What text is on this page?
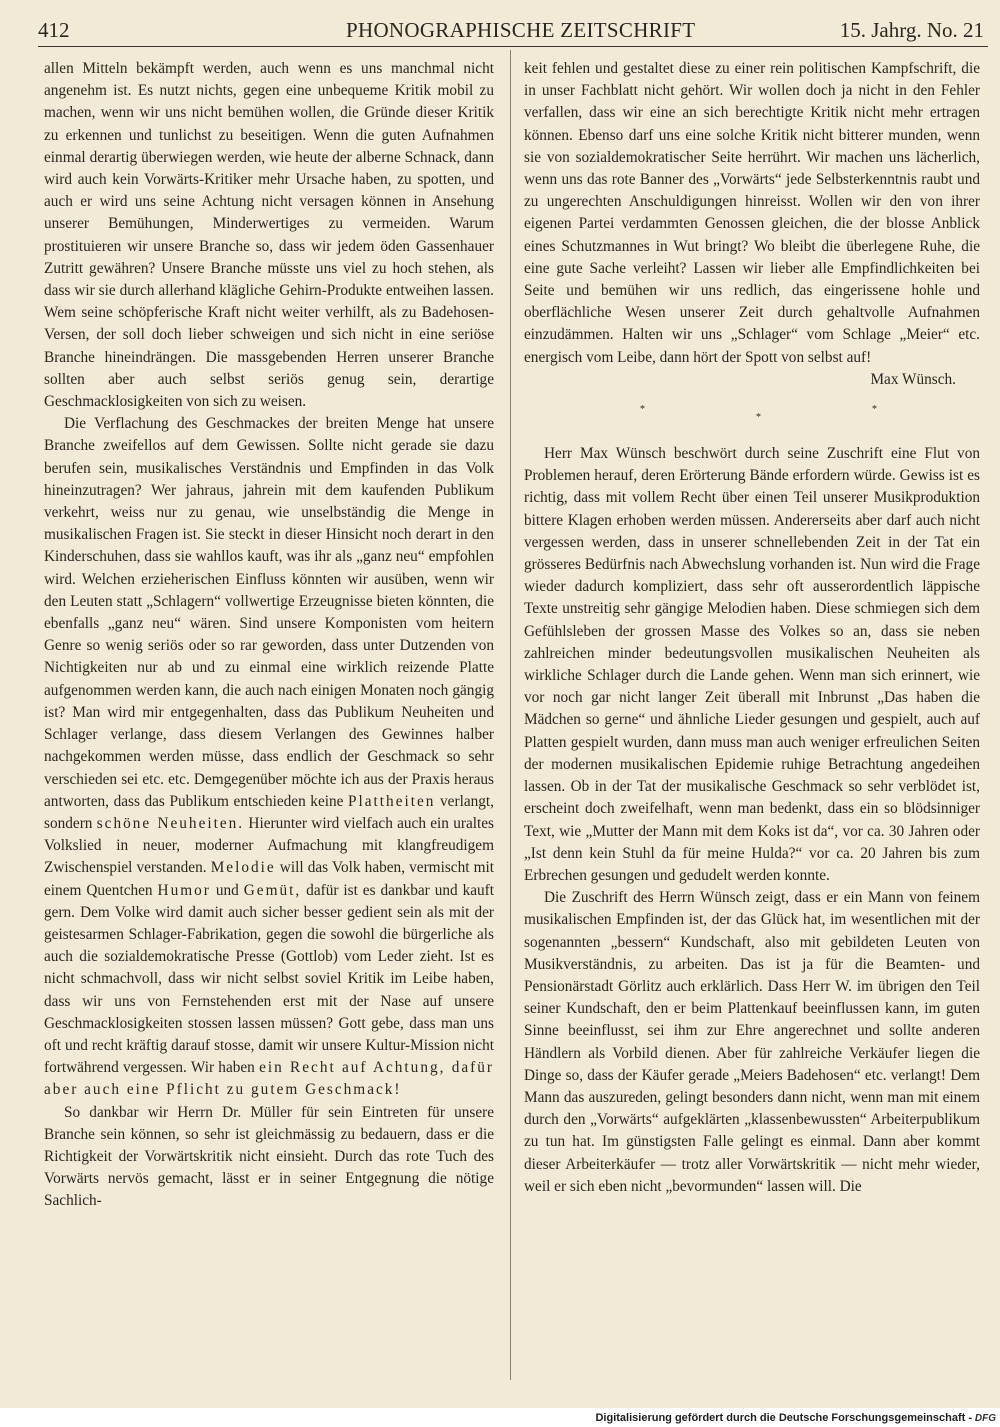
412	PHONOGRAPHISCHE ZEITSCHRIFT	15. Jahrg. No. 21

allen Mitteln bekämpft werden, auch wenn es uns manchmal nicht angenehm ist. Es nutzt nichts, gegen eine unbequeme Kritik mobil zu machen, wenn wir uns nicht bemühen wollen, die Gründe dieser Kritik zu erkennen und tunlichst zu beseitigen. Wenn die guten Aufnahmen einmal derartig überwiegen werden, wie heute der alberne Schnack, dann wird auch kein Vorwärts-Kritiker mehr Ursache haben, zu spotten, und auch er wird uns seine Achtung nicht versagen können in Ansehung unserer Bemühungen, Minderwertiges zu vermeiden. Warum prostituieren wir unsere Branche so, dass wir jedem öden Gassenhauer Zutritt gewähren? Unsere Branche müsste uns viel zu hoch stehen, als dass wir sie durch allerhand klägliche Gehirn-Produkte entweihen lassen. Wem seine schöpferische Kraft nicht weiter verhilft, als zu Badehosen-Versen, der soll doch lieber schweigen und sich nicht in eine seriöse Branche hineindrängen. Die massgebenden Herren unserer Branche sollten aber auch selbst seriös genug sein, derartige Geschmacklosigkeiten von sich zu weisen.

Die Verflachung des Geschmackes der breiten Menge hat unsere Branche zweifellos auf dem Gewissen. Sollte nicht gerade sie dazu berufen sein, musikalisches Verständnis und Empfinden in das Volk hineinzutragen? Wer jahraus, jahrein mit dem kaufenden Publikum verkehrt, weiss nur zu genau, wie unselbständig die Menge in musikalischen Fragen ist. Sie steckt in dieser Hinsicht noch derart in den Kinderschuhen, dass sie wahllos kauft, was ihr als „ganz neu“ empfohlen wird. Welchen erzieherischen Einfluss könnten wir ausüben, wenn wir den Leuten statt „Schlagern“ vollwertige Erzeugnisse bieten könnten, die ebenfalls „ganz neu“ wären. Sind unsere Komponisten vom heitern Genre so wenig seriös oder so rar geworden, dass unter Dutzenden von Nichtigkeiten nur ab und zu einmal eine wirklich reizende Platte aufgenommen werden kann, die auch nach einigen Monaten noch gängig ist? Man wird mir entgegenhalten, dass das Publikum Neuheiten und Schlager verlange, dass diesem Verlangen des Gewinnes halber nachgekommen werden müsse, dass endlich der Geschmack so sehr verschieden sei etc. etc. Demgegenüber möchte ich aus der Praxis heraus antworten, dass das Publikum entschieden keine Plattheiten verlangt, sondern schöne Neuheiten. Hierunter wird vielfach auch ein uraltes Volkslied in neuer, moderner Aufmachung mit klangfreudigem Zwischenspiel verstanden. Melodie will das Volk haben, vermischt mit einem Quentchen Humor und Gemüt, dafür ist es dankbar und kauft gern. Dem Volke wird damit auch sicher besser gedient sein als mit der geistesarmen Schlager-Fabrikation, gegen die sowohl die bürgerliche als auch die sozialdemokratische Presse (Gottlob) vom Leder zieht. Ist es nicht schmachvoll, dass wir nicht selbst soviel Kritik im Leibe haben, dass wir uns von Fernstehenden erst mit der Nase auf unsere Geschmacklosigkeiten stossen lassen müssen? Gott gebe, dass man uns oft und recht kräftig darauf stosse, damit wir unsere Kultur-Mission nicht fortwährend vergessen. Wir haben ein Recht auf Achtung, dafür aber auch eine Pflicht zu gutem Geschmack!

So dankbar wir Herrn Dr. Müller für sein Eintreten für unsere Branche sein können, so sehr ist gleichmässig zu bedauern, dass er die Richtigkeit der Vorwärtskritik nicht einsieht. Durch das rote Tuch des Vorwärts nervös gemacht, lässt er in seiner Entgegnung die nötige Sachlich-

keit fehlen und gestaltet diese zu einer rein politischen Kampfschrift, die in unser Fachblatt nicht gehört. Wir wollen doch ja nicht in den Fehler verfallen, dass wir eine an sich berechtigte Kritik nicht mehr ertragen können. Ebenso darf uns eine solche Kritik nicht bitterer munden, wenn sie von sozialdemokratischer Seite herrührt. Wir machen uns lächerlich, wenn uns das rote Banner des „Vorwärts“ jede Selbsterkenntnis raubt und zu ungerechten Anschuldigungen hinreisst. Wollen wir den von ihrer eigenen Partei verdammten Genossen gleichen, die der blosse Anblick eines Schutzmannes in Wut bringt? Wo bleibt die überlegene Ruhe, die eine gute Sache verleiht? Lassen wir lieber alle Empfindlichkeiten bei Seite und bemühen wir uns redlich, das eingerissene hohle und oberflächliche Wesen unserer Zeit durch gehaltvolle Aufnahmen einzudämmen. Halten wir uns „Schlager“ vom Schlage „Meier“ etc. energisch vom Leibe, dann hört der Spott von selbst auf!

Max Wünsch.

*
*
*

Herr Max Wünsch beschwört durch seine Zuschrift eine Flut von Problemen herauf, deren Erörterung Bände erfordern würde. Gewiss ist es richtig, dass mit vollem Recht über einen Teil unserer Musikproduktion bittere Klagen erhoben werden müssen. Andererseits aber darf auch nicht vergessen werden, dass in unserer schnellebenden Zeit in der Tat ein grösseres Bedürfnis nach Abwechslung vorhanden ist. Nun wird die Frage wieder dadurch kompliziert, dass sehr oft ausserordentlich läppische Texte unstreitig sehr gängige Melodien haben. Diese schmiegen sich dem Gefühlsleben der grossen Masse des Volkes so an, dass sie neben zahlreichen minder bedeutungsvollen musikalischen Neuheiten als wirkliche Schlager durch die Lande gehen. Wenn man sich erinnert, wie vor noch gar nicht langer Zeit überall mit Inbrunst „Das haben die Mädchen so gerne“ und ähnliche Lieder gesungen und gespielt, auch auf Platten gespielt wurden, dann muss man auch weniger erfreulichen Seiten der modernen musikalischen Epidemie ruhige Betrachtung angedeihen lassen. Ob in der Tat der musikalische Geschmack so sehr verblödet ist, erscheint doch zweifelhaft, wenn man bedenkt, dass ein so blödsinniger Text, wie „Mutter der Mann mit dem Koks ist da“, vor ca. 30 Jahren oder „Ist denn kein Stuhl da für meine Hulda?“ vor ca. 20 Jahren bis zum Erbrechen gesungen und gedudelt werden konnte.

Die Zuschrift des Herrn Wünsch zeigt, dass er ein Mann von feinem musikalischen Empfinden ist, der das Glück hat, im wesentlichen mit der sogenannten „bessern“ Kundschaft, also mit gebildeten Leuten von Musikverständnis, zu arbeiten. Das ist ja für die Beamten- und Pensionärstadt Görlitz auch erklärlich. Dass Herr W. im übrigen den Teil seiner Kundschaft, den er beim Plattenkauf beeinflussen kann, im guten Sinne beeinflusst, sei ihm zur Ehre angerechnet und sollte anderen Händlern als Vorbild dienen. Aber für zahlreiche Verkäufer liegen die Dinge so, dass der Käufer gerade „Meiers Badehosen“ etc. verlangt! Dem Mann das auszureden, gelingt besonders dann nicht, wenn man mit einem durch den „Vorwärts“ aufgeklärten „klassenbewussten“ Arbeiterpublikum zu tun hat. Im günstigsten Falle gelingt es einmal. Dann aber kommt dieser Arbeiterkäufer — trotz aller Vorwärtskritik — nicht mehr wieder, weil er sich eben nicht „bevormunden“ lassen will. Die

Digitalisierung gefördert durch die Deutsche Forschungsgemeinschaft - DFG
